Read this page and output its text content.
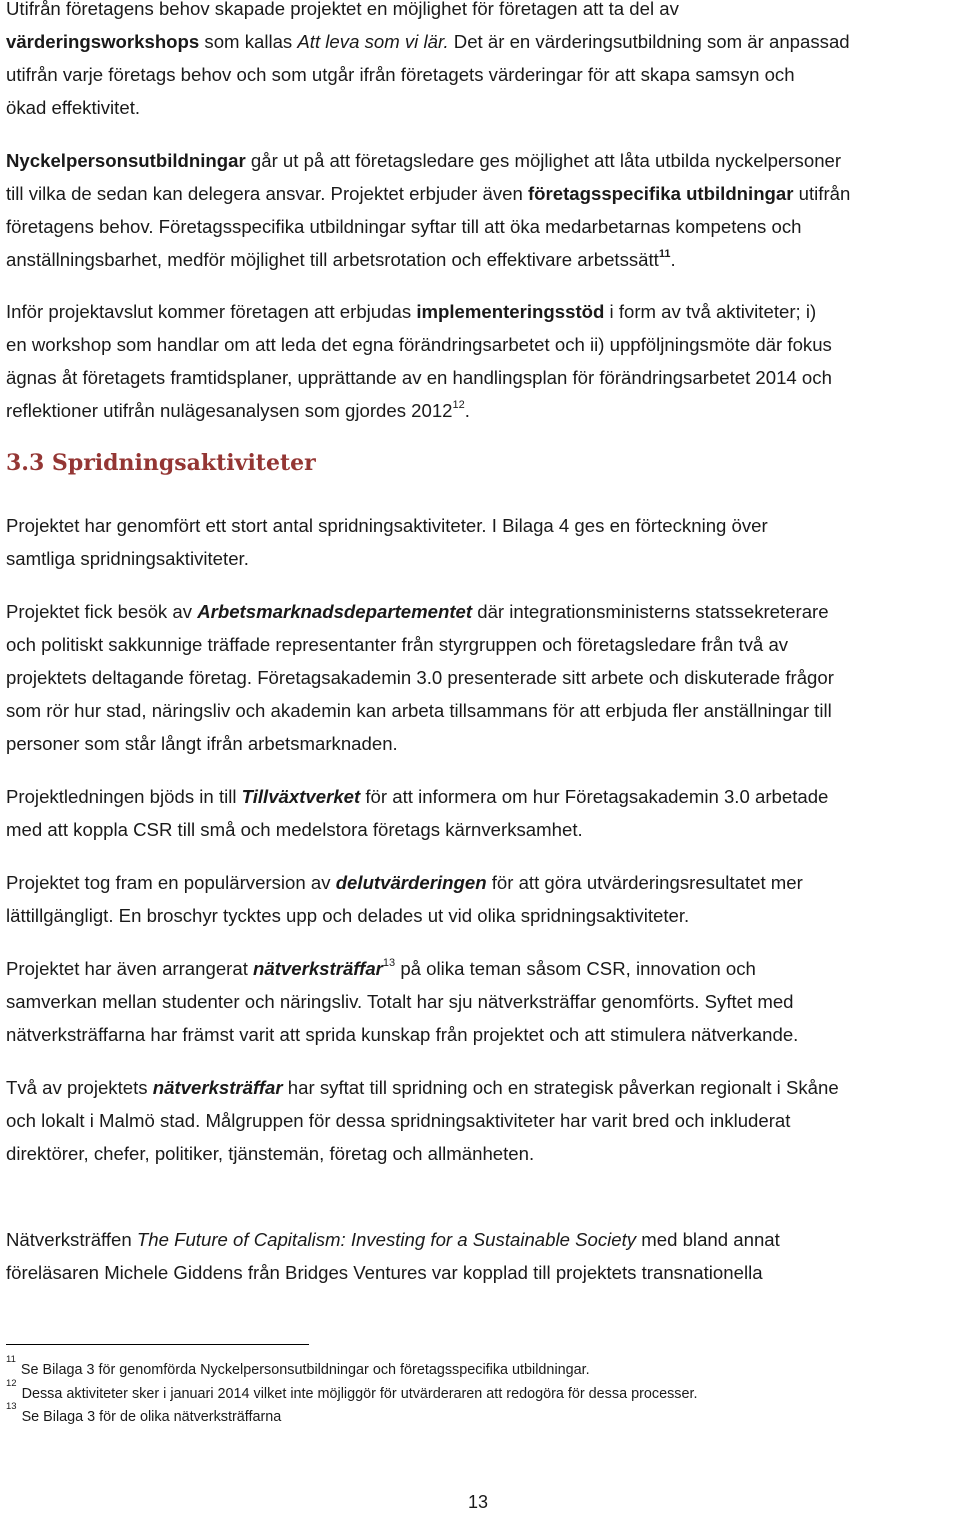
Utifrån företagens behov skapade projektet en möjlighet för företagen att ta del av

värderingsworkshops som kallas Att leva som vi lär. Det är en värderingsutbildning som är anpassad

utifrån varje företags behov och som utgår ifrån företagets värderingar för att skapa samsyn och

ökad effektivitet.

Nyckelpersonsutbildningar går ut på att företagsledare ges möjlighet att låta utbilda nyckelpersoner

till vilka de sedan kan delegera ansvar. Projektet erbjuder även företagsspecifika utbildningar utifrån

företagens behov. Företagsspecifika utbildningar syftar till att öka medarbetarnas kompetens och

anställningsbarhet, medför möjlighet till arbetsrotation och effektivare arbetssätt$^{11}$.

Inför projektavslut kommer företagen att erbjudas implementeringsstöd i form av två aktiviteter; i)

en workshop som handlar om att leda det egna förändringsarbetet och ii) uppföljningsmöte där fokus

ägnas åt företagets framtidsplaner, upprättande av en handlingsplan för förändringsarbetet 2014 och

reflektioner utifrån nulägesanalysen som gjordes 2012$^{12}$.

3.3 Spridningsaktiviteter

Projektet har genomfört ett stort antal spridningsaktiviteter. I Bilaga 4 ges en förteckning över

samtliga spridningsaktiviteter.

Projektet fick besök av Arbetsmarknadsdepartementet där integrationsministerns statssekreterare

och politiskt sakkunnige träffade representanter från styrgruppen och företagsledare från två av

projektets deltagande företag. Företagsakademin 3.0 presenterade sitt arbete och diskuterade frågor

som rör hur stad, näringsliv och akademin kan arbeta tillsammans för att erbjuda fler anställningar till

personer som står långt ifrån arbetsmarknaden.

Projektledningen bjöds in till Tillväxtverket för att informera om hur Företagsakademin 3.0 arbetade

med att koppla CSR till små och medelstora företags kärnverksamhet.

Projektet tog fram en populärversion av delutvärderingen för att göra utvärderingsresultatet mer

lättillgängligt. En broschyr tycktes upp och delades ut vid olika spridningsaktiviteter.

Projektet har även arrangerat nätverksträffar$^{13}$ på olika teman såsom CSR, innovation och

samverkan mellan studenter och näringsliv. Totalt har sju nätverksträffar genomförts. Syftet med

nätverksträffarna har främst varit att sprida kunskap från projektet och att stimulera nätverkande.

Två av projektets nätverksträffar har syftat till spridning och en strategisk påverkan regionalt i Skåne

och lokalt i Malmö stad. Målgruppen för dessa spridningsaktiviteter har varit bred och inkluderat

direktörer, chefer, politiker, tjänstemän, företag och allmänheten.

Nätverksträffen The Future of Capitalism: Investing for a Sustainable Society med bland annat

föreläsaren Michele Giddens från Bridges Ventures var kopplad till projektets transnationella

$^{11}$Se Bilaga 3 för genomförda Nyckelpersonsutbildningar och företagsspecifika utbildningar.
$^{12}$Dessa aktiviteter sker i januari 2014 vilket inte möjliggör för utvärderaren att redogöra för dessa processer.
$^{13}$Se Bilaga 3 för de olika nätverksträffarna
13
